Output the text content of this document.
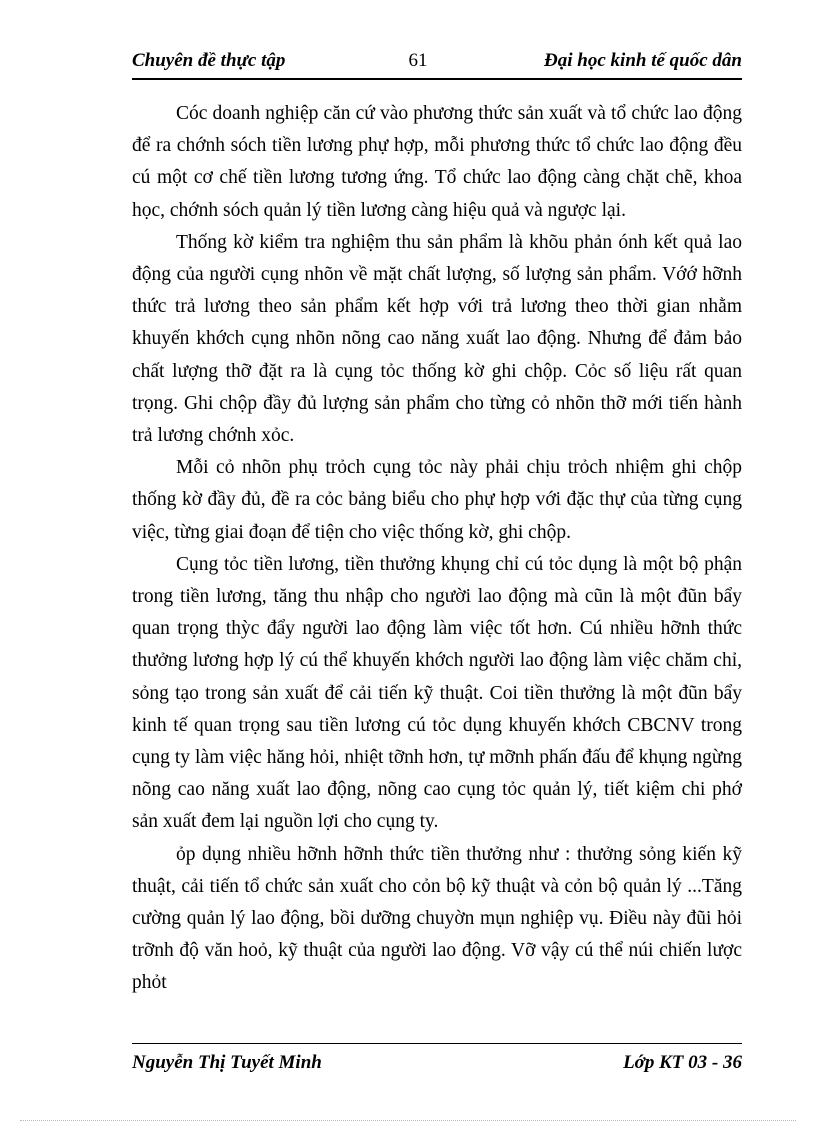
Chuyên đề thực tập	61	Đại học kinh tế quốc dân

Cóc doanh nghiệp căn cứ vào phương thức sản xuất và tổ chức lao động để ra chớnh sóch tiền lương phự hợp, mỗi phương thức tổ chức lao động đều cú một cơ chế tiền lương tương ứng. Tổ chức lao động càng chặt chẽ, khoa học, chớnh sóch quản lý tiền lương càng hiệu quả và ngược lại.

Thống kờ kiểm tra nghiệm thu sản phẩm là khõu phản ónh kết quả lao động của người cụng nhõn về mặt chất lượng, số lượng sản phẩm. Vớớ hỡnh thức trả lương theo sản phẩm kết hợp với trả lương theo thời gian nhằm khuyến khớch cụng nhõn nõng cao năng xuất lao động. Nhưng để đảm bảo chất lượng thỡ đặt ra là cụng tỏc thống kờ ghi chộp. Cỏc số liệu rất quan trọng. Ghi chộp đầy đủ lượng sản phẩm cho từng cỏ nhõn thỡ mới tiến hành trả lương chớnh xỏc.

Mỗi cỏ nhõn phụ trỏch cụng tỏc này phải chịu trỏch nhiệm ghi chộp thống kờ đầy đủ, đề ra cỏc bảng biểu cho phự hợp với đặc thự của từng cụng việc, từng giai đoạn để tiện cho việc thống kờ, ghi chộp.

Cụng tỏc tiền lương, tiền thưởng khụng chỉ cú tỏc dụng là một bộ phận trong tiền lương, tăng thu nhập cho người lao động mà cũn là một đũn bẩy quan trọng thỳc đẩy người lao động làm việc tốt hơn. Cú nhiều hỡnh thức thưởng lương hợp lý cú thể khuyến khớch người lao động làm việc chăm chỉ, sỏng tạo trong sản xuất để cải tiến kỹ thuật. Coi tiền thưởng là một đũn bẩy kinh tế quan trọng sau tiền lương cú tỏc dụng khuyến khớch CBCNV trong cụng ty làm việc hăng hỏi, nhiệt tỡnh hơn, tự mỡnh phấn đấu để khụng ngừng nõng cao năng xuất lao động, nõng cao cụng tỏc quản lý, tiết kiệm chi phớ sản xuất đem lại nguồn lợi cho cụng ty.

ỏp dụng nhiều hỡnh hỡnh thức tiền thưởng như : thưởng sỏng kiến kỹ thuật, cải tiến tổ chức sản xuất cho cỏn bộ kỹ thuật và cỏn bộ quản lý ...Tăng cường quản lý lao động, bồi dưỡng chuyờn mụn nghiệp vụ. Điều này đũi hỏi trỡnh độ văn hoỏ, kỹ thuật của người lao động. Vỡ vậy cú thể núi chiến lược phỏt

Nguyễn Thị Tuyết Minh	Lớp KT 03 - 36
